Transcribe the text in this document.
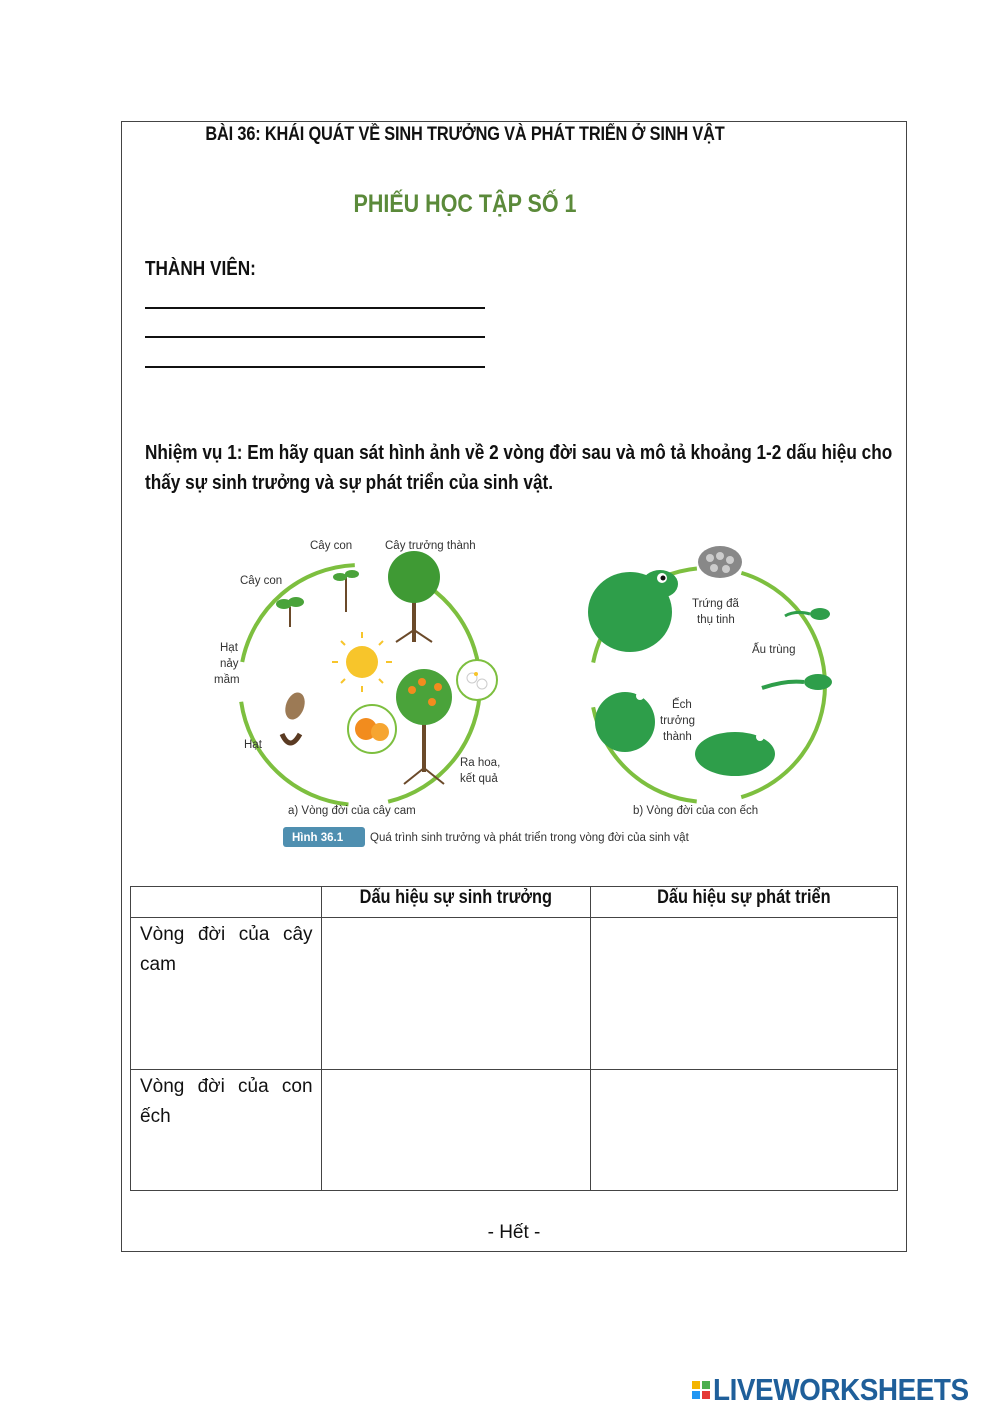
BÀI 36: KHÁI QUÁT VỀ SINH TRƯỞNG VÀ PHÁT TRIỂN Ở SINH VẬT
PHIẾU HỌC TẬP SỐ 1
THÀNH VIÊN:
Nhiệm vụ 1: Em hãy quan sát hình ảnh về 2 vòng đời sau và mô tả khoảng 1-2 dấu hiệu cho thấy sự sinh trưởng và sự phát triển của sinh vật.
Cây con	Cây trưởng thành
Cây con
Hạt
nảy
mầm
Hạt
Ra hoa,
kết quả
a) Vòng đời của cây cam
Trứng đã
thụ tinh
Ấu trùng
Ếch
trưởng
thành
b) Vòng đời của con ếch
Hình 36.1 Quá trình sinh trưởng và phát triển trong vòng đời của sinh vật
	Dấu hiệu sự sinh trưởng	Dấu hiệu sự phát triển
Vòng đời của cây cam		
Vòng đời của con ếch		
- Hết -
LIVEWORKSHEETS
